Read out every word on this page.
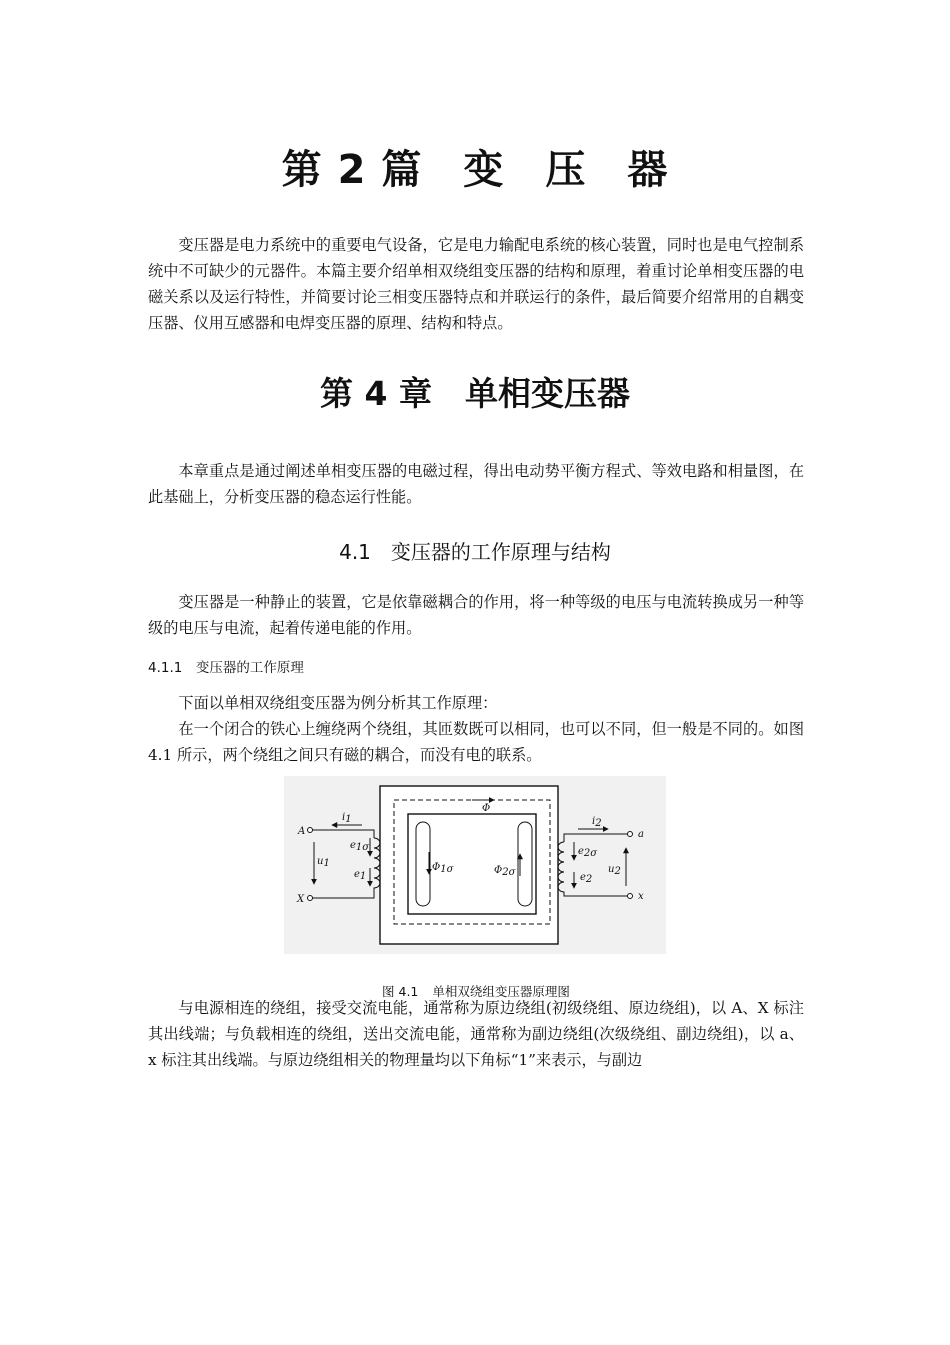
第 2 篇　变　压　器

变压器是电力系统中的重要电气设备，它是电力输配电系统的核心装置，同时也是电气控制系统中不可缺少的元器件。本篇主要介绍单相双绕组变压器的结构和原理，着重讨论单相变压器的电磁关系以及运行特性，并简要讨论三相变压器特点和并联运行的条件，最后简要介绍常用的自耦变压器、仪用互感器和电焊变压器的原理、结构和特点。

第 4 章　单相变压器

本章重点是通过阐述单相变压器的电磁过程，得出电动势平衡方程式、等效电路和相量图，在此基础上，分析变压器的稳态运行性能。

4.1　变压器的工作原理与结构

变压器是一种静止的装置，它是依靠磁耦合的作用，将一种等级的电压与电流转换成另一种等级的电压与电流，起着传递电能的作用。

4.1.1　变压器的工作原理

下面以单相双绕组变压器为例分析其工作原理：

在一个闭合的铁心上缠绕两个绕组，其匝数既可以相同，也可以不同，但一般是不同的。如图 4.1 所示，两个绕组之间只有磁的耦合，而没有电的联系。

Φ
Φ1σ	Φ2σ
A
X
i1
u1
e1σ
e1
a
x
i2
u2
e2σ
e2

图 4.1 单相双绕组变压器原理图

与电源相连的绕组，接受交流电能，通常称为原边绕组(初级绕组、原边绕组)，以 A、X 标注其出线端；与负载相连的绕组，送出交流电能，通常称为副边绕组(次级绕组、副边绕组)，以 a、x 标注其出线端。与原边绕组相关的物理量均以下角标“1”来表示，与副边
